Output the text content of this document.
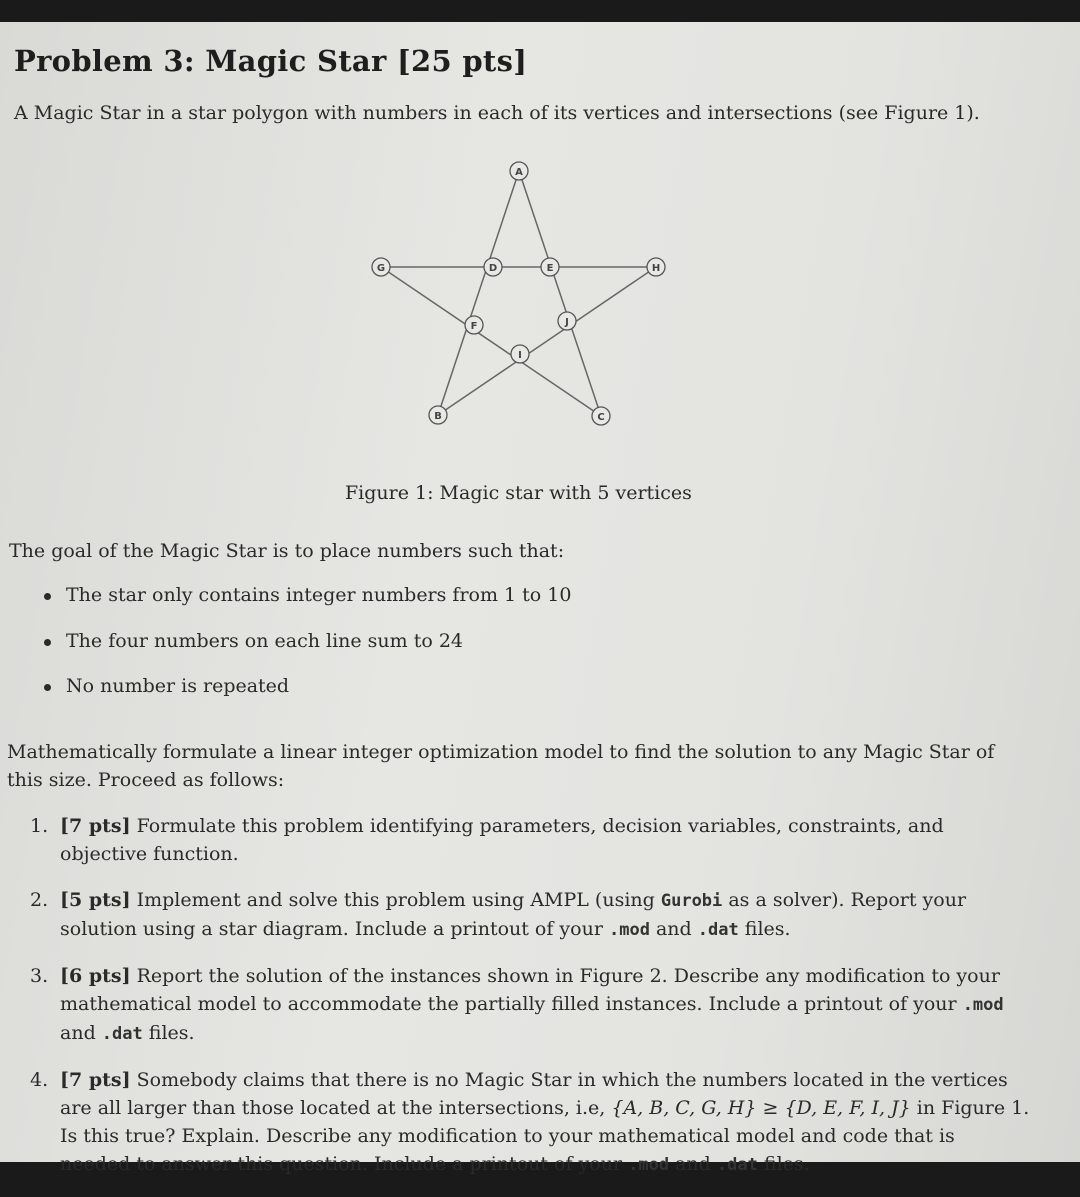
Problem 3: Magic Star [25 pts]

A Magic Star in a star polygon with numbers in each of its vertices and intersections (see Figure 1).

A
B	C
D	E
F
G	H
I
J

Figure 1: Magic star with 5 vertices

The goal of the Magic Star is to place numbers such that:

The star only contains integer numbers from 1 to 10
The four numbers on each line sum to 24
No number is repeated

Mathematically formulate a linear integer optimization model to find the solution to any Magic Star of this size. Proceed as follows:

1. [7 pts] Formulate this problem identifying parameters, decision variables, constraints, and objective function.
2. [5 pts] Implement and solve this problem using AMPL (using Gurobi as a solver). Report your solution using a star diagram. Include a printout of your .mod and .dat files.
3. [6 pts] Report the solution of the instances shown in Figure 2. Describe any modification to your mathematical model to accommodate the partially filled instances. Include a printout of your .mod and .dat files.
4. [7 pts] Somebody claims that there is no Magic Star in which the numbers located in the vertices are all larger than those located at the intersections, i.e, {A, B, C, G, H} ≥ {D, E, F, I, J} in Figure 1. Is this true? Explain. Describe any modification to your mathematical model and code that is needed to answer this question. Include a printout of your .mod and .dat files.
